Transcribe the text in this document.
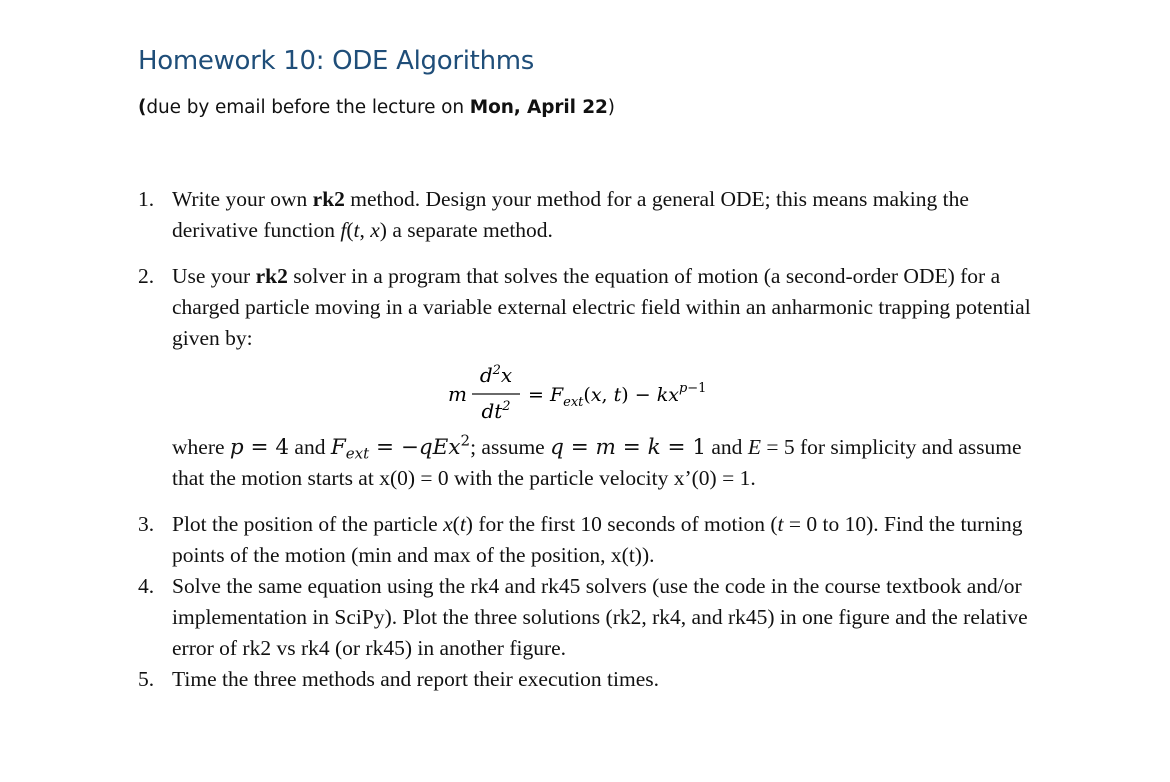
Homework 10: ODE Algorithms

(due by email before the lecture on Mon, April 22)

1. Write your own rk2 method. Design your method for a general ODE; this means making the derivative function f(t, x) a separate method.
2. Use your rk2 solver in a program that solves the equation of motion (a second-order ODE) for a charged particle moving in a variable external electric field within an anharmonic trapping potential given by:
m
$d^2x$
$dt^2$
= $F_{ext}(x$, $t) - kx^p-1$
where p = 4 and $F_{ext} = -qEx^2$; assume q = m = k = 1 and E = 5 for simplicity and assume that the motion starts at x(0) = 0 with the particle velocity x’(0) = 1.
3. Plot the position of the particle x(t) for the first 10 seconds of motion (t = 0 to 10). Find the turning points of the motion (min and max of the position, x(t)).
4. Solve the same equation using the rk4 and rk45 solvers (use the code in the course textbook and/or implementation in SciPy). Plot the three solutions (rk2, rk4, and rk45) in one figure and the relative error of rk2 vs rk4 (or rk45) in another figure.
5. Time the three methods and report their execution times.
